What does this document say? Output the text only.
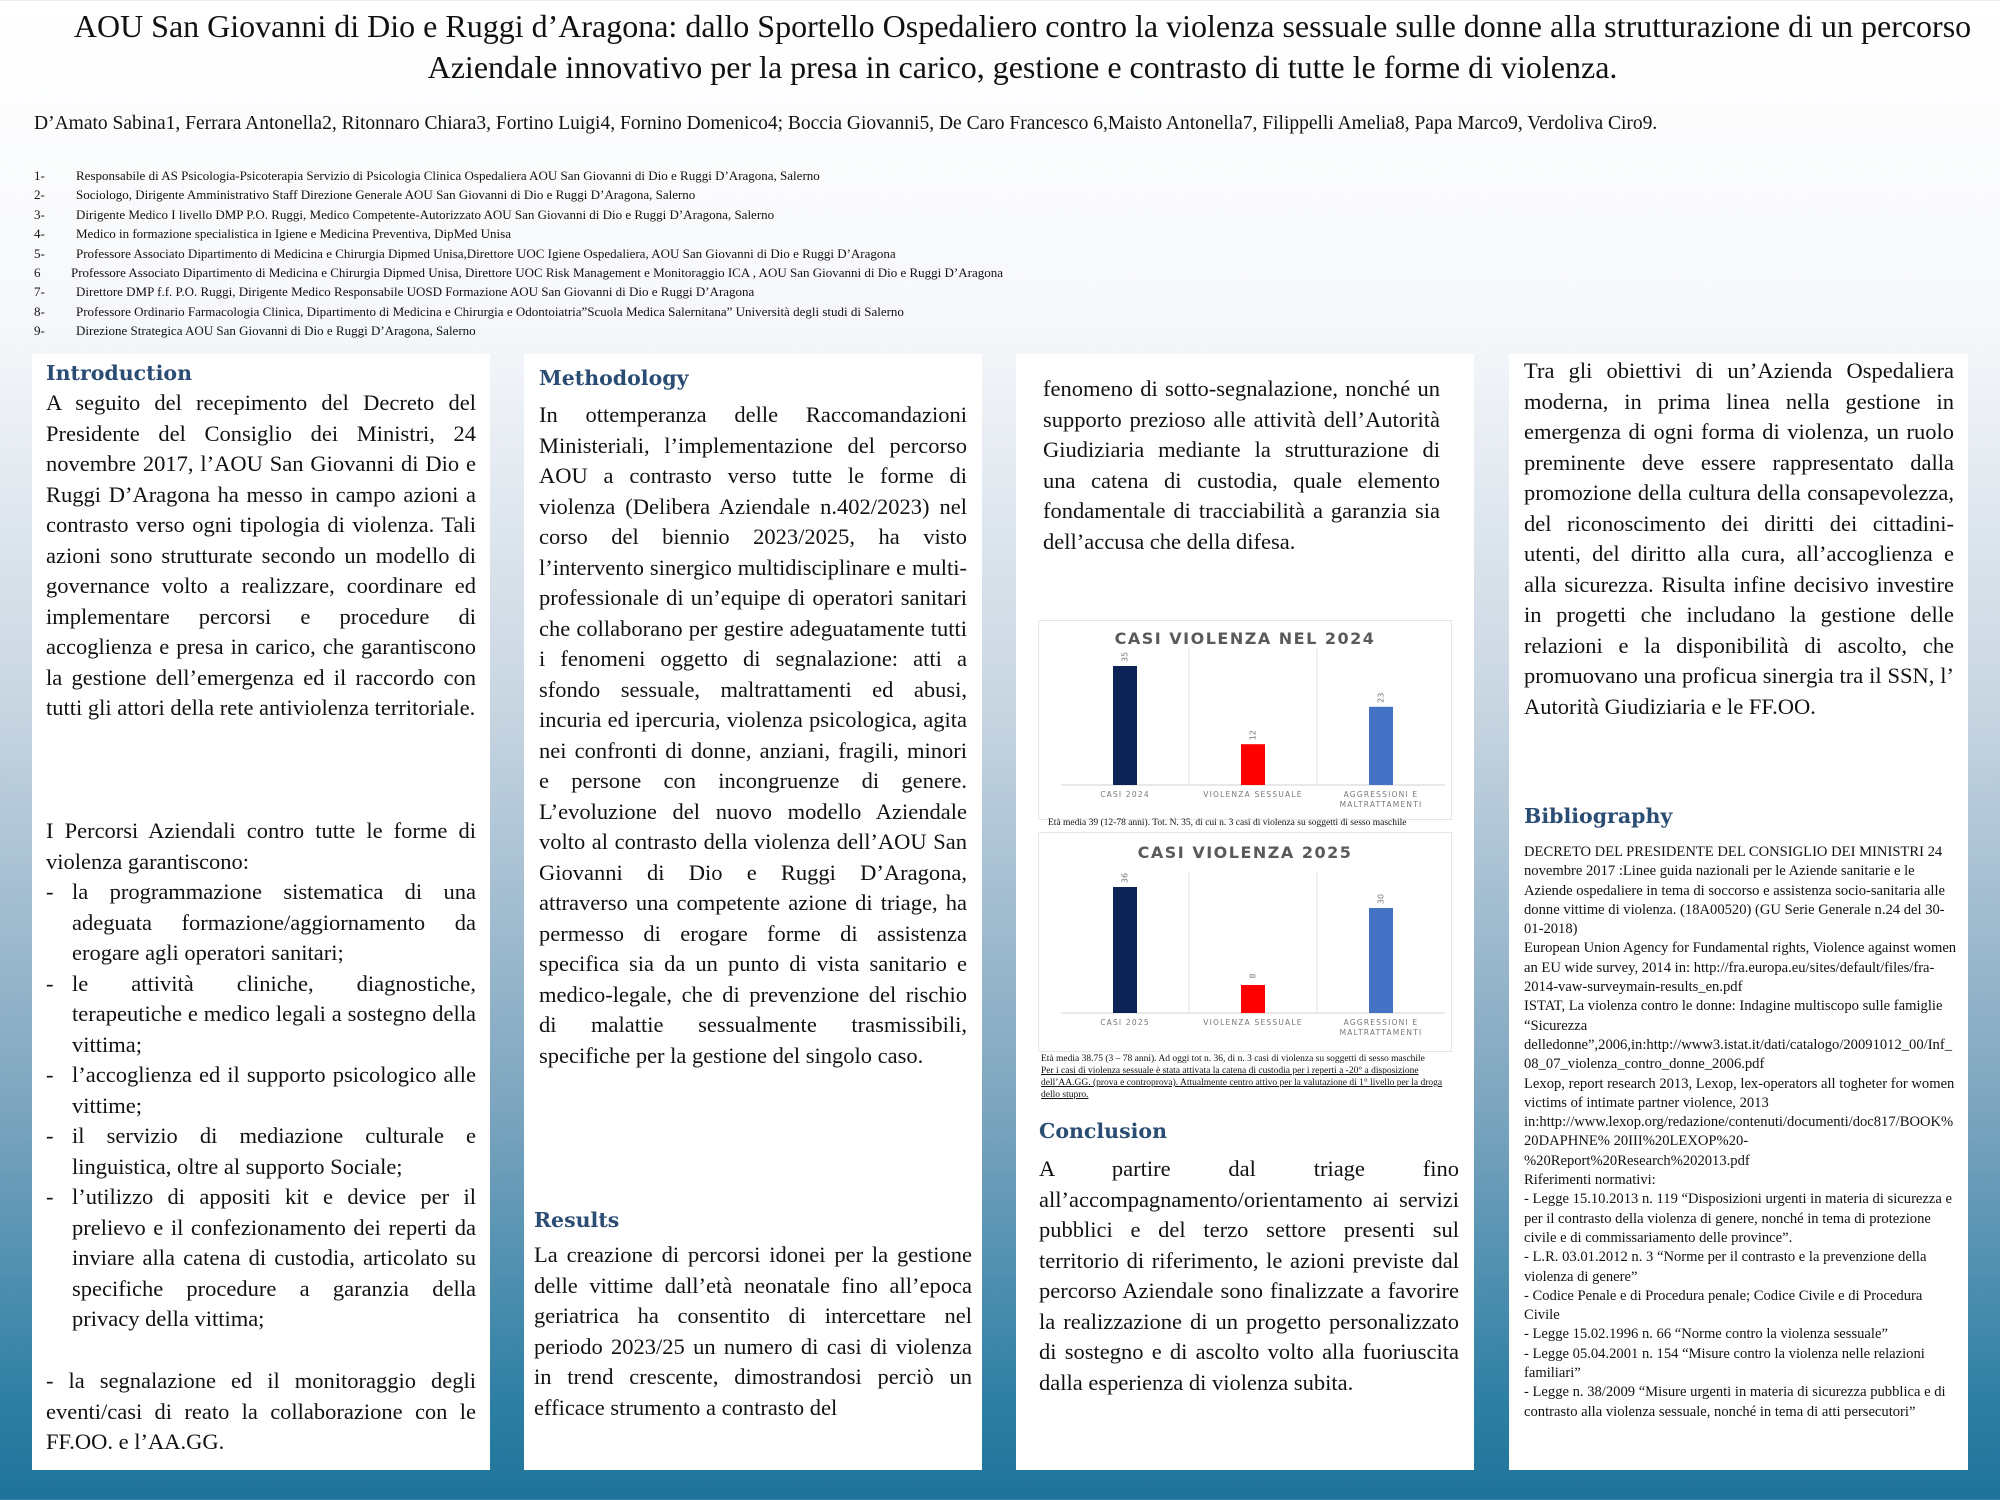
AOU San Giovanni di Dio e Ruggi d’Aragona: dallo Sportello Ospedaliero contro la violenza sessuale sulle donne alla strutturazione di un percorso Aziendale innovativo per la presa in carico, gestione e contrasto di tutte le forme di violenza.
D’Amato Sabina1, Ferrara Antonella2, Ritonnaro Chiara3, Fortino Luigi4, Fornino Domenico4; Boccia Giovanni5, De Caro Francesco 6,Maisto Antonella7, Filippelli Amelia8, Papa Marco9, Verdoliva Ciro9.
1-	Responsabile di AS Psicologia-Psicoterapia Servizio di Psicologia Clinica Ospedaliera AOU San Giovanni di Dio e Ruggi D’Aragona, Salerno
2-	Sociologo, Dirigente Amministrativo Staff Direzione Generale AOU San Giovanni di Dio e Ruggi D’Aragona, Salerno
3-	Dirigente Medico I livello DMP P.O. Ruggi, Medico Competente-Autorizzato AOU San Giovanni di Dio e Ruggi D’Aragona, Salerno
4-	Medico in formazione specialistica in Igiene e Medicina Preventiva, DipMed Unisa
5-	Professore Associato Dipartimento di Medicina e Chirurgia Dipmed Unisa,Direttore UOC Igiene Ospedaliera, AOU San Giovanni di Dio e Ruggi D’Aragona
6	Professore Associato Dipartimento di Medicina e Chirurgia Dipmed Unisa, Direttore UOC Risk Management e Monitoraggio ICA , AOU San Giovanni di Dio e Ruggi D’Aragona
7-	Direttore DMP f.f. P.O. Ruggi, Dirigente Medico Responsabile UOSD Formazione AOU San Giovanni di Dio e Ruggi D’Aragona
8-	Professore Ordinario Farmacologia Clinica, Dipartimento di Medicina e Chirurgia e Odontoiatria”Scuola Medica Salernitana” Università degli studi di Salerno
9-	Direzione Strategica AOU San Giovanni di Dio e Ruggi D’Aragona, Salerno
Introduction
A seguito del recepimento del Decreto del Presidente del Consiglio dei Ministri, 24 novembre 2017, l’AOU San Giovanni di Dio e Ruggi D’Aragona ha messo in campo azioni a contrasto verso ogni tipologia di violenza. Tali azioni sono strutturate secondo un modello di governance volto a realizzare, coordinare ed implementare percorsi e procedure di accoglienza e presa in carico, che garantiscono la gestione dell’emergenza ed il raccordo con tutti gli attori della rete antiviolenza territoriale.
I Percorsi Aziendali contro tutte le forme di violenza garantiscono:
- la programmazione sistematica di una adeguata formazione/aggiornamento da erogare agli operatori sanitari;
- le attività cliniche, diagnostiche, terapeutiche e medico legali a sostegno della vittima;
- l’accoglienza ed il supporto psicologico alle vittime;
- il servizio di mediazione culturale e linguistica, oltre al supporto Sociale;
- l’utilizzo di appositi kit e device per il prelievo e il confezionamento dei reperti da inviare alla catena di custodia, articolato su specifiche procedure a garanzia della privacy della vittima;
- la segnalazione ed il monitoraggio degli eventi/casi di reato la collaborazione con le FF.OO. e l’AA.GG.
Methodology
In ottemperanza delle Raccomandazioni Ministeriali, l’implementazione del percorso AOU a contrasto verso tutte le forme di violenza (Delibera Aziendale n.402/2023) nel corso del biennio 2023/2025, ha visto l’intervento sinergico multidisciplinare e multi-professionale di un’equipe di operatori sanitari che collaborano per gestire adeguatamente tutti i fenomeni oggetto di segnalazione: atti a sfondo sessuale, maltrattamenti ed abusi, incuria ed ipercuria, violenza psicologica, agita nei confronti di donne, anziani, fragili, minori e persone con incongruenze di genere. L’evoluzione del nuovo modello Aziendale volto al contrasto della violenza dell’AOU San Giovanni di Dio e Ruggi D’Aragona, attraverso una competente azione di triage, ha permesso di erogare forme di assistenza specifica sia da un punto di vista sanitario e medico-legale, che di prevenzione del rischio di malattie sessualmente trasmissibili, specifiche per la gestione del singolo caso.
Results
La creazione di percorsi idonei per la gestione delle vittime dall’età neonatale fino all’epoca geriatrica ha consentito di intercettare nel periodo 2023/25 un numero di casi di violenza in trend crescente, dimostrandosi perciò un efficace strumento a contrasto del
fenomeno di sotto-segnalazione, nonché un supporto prezioso alle attività dell’Autorità Giudiziaria mediante la strutturazione di una catena di custodia, quale elemento fondamentale di tracciabilità a garanzia sia dell’accusa che della difesa.
CASI VIOLENZA NEL 2024
35
CASI 2024
12
VIOLENZA SESSUALE
23
AGGRESSIONI E
MALTRATTAMENTI
Età media 39 (12-78 anni). Tot. N. 35, di cui n. 3 casi di violenza su soggetti di sesso maschile
CASI VIOLENZA 2025
36
CASI 2025
8
VIOLENZA SESSUALE
30
AGGRESSIONI E
MALTRATTAMENTI
Età media 38.75 (3 – 78 anni). Ad oggi tot n. 36, di n. 3 casi di violenza su soggetti di sesso maschile
Per i casi di violenza sessuale è stata attivata la catena di custodia per i reperti a -20° a disposizione dell’AA.GG. (prova e controprova). Attualmente centro attivo per la valutazione di 1° livello per la droga dello stupro.
Conclusion
A partire dal triage fino all’accompagnamento/orientamento ai servizi pubblici e del terzo settore presenti sul territorio di riferimento, le azioni previste dal percorso Aziendale sono finalizzate a favorire la realizzazione di un progetto personalizzato di sostegno e di ascolto volto alla fuoriuscita dalla esperienza di violenza subita.
Tra gli obiettivi di un’Azienda Ospedaliera moderna, in prima linea nella gestione in emergenza di ogni forma di violenza, un ruolo preminente deve essere rappresentato dalla promozione della cultura della consapevolezza, del riconoscimento dei diritti dei cittadini-utenti, del diritto alla cura, all’accoglienza e alla sicurezza. Risulta infine decisivo investire in progetti che includano la gestione delle relazioni e la disponibilità di ascolto, che promuovano una proficua sinergia tra il SSN, l’ Autorità Giudiziaria e le FF.OO.
Bibliography
DECRETO DEL PRESIDENTE DEL CONSIGLIO DEI MINISTRI 24 novembre 2017 :Linee guida nazionali per le Aziende sanitarie e le Aziende ospedaliere in tema di soccorso e assistenza socio-sanitaria alle donne vittime di violenza. (18A00520) (GU Serie Generale n.24 del 30-01-2018)
European Union Agency for Fundamental rights, Violence against women an EU wide survey, 2014 in: http://fra.europa.eu/sites/default/files/fra-2014-vaw-surveymain-results_en.pdf
ISTAT, La violenza contro le donne: Indagine multiscopo sulle famiglie “Sicurezza delledonne”,2006,in:http://www3.istat.it/dati/catalogo/20091012_00/Inf_08_07_violenza_contro_donne_2006.pdf
Lexop, report research 2013, Lexop, lex-operators all togheter for women victims of intimate partner violence, 2013 in:http://www.lexop.org/redazione/contenuti/documenti/doc817/BOOK%20DAPHNE% 20III%20LEXOP%20-%20Report%20Research%202013.pdf
Riferimenti normativi:
- Legge 15.10.2013 n. 119 “Disposizioni urgenti in materia di sicurezza e per il contrasto della violenza di genere, nonché in tema di protezione civile e di commissariamento delle province”.
- L.R. 03.01.2012 n. 3 “Norme per il contrasto e la prevenzione della violenza di genere”
- Codice Penale e di Procedura penale; Codice Civile e di Procedura Civile
- Legge 15.02.1996 n. 66 “Norme contro la violenza sessuale”
- Legge 05.04.2001 n. 154 “Misure contro la violenza nelle relazioni familiari”
- Legge n. 38/2009 “Misure urgenti in materia di sicurezza pubblica e di contrasto alla violenza sessuale, nonché in tema di atti persecutori”
